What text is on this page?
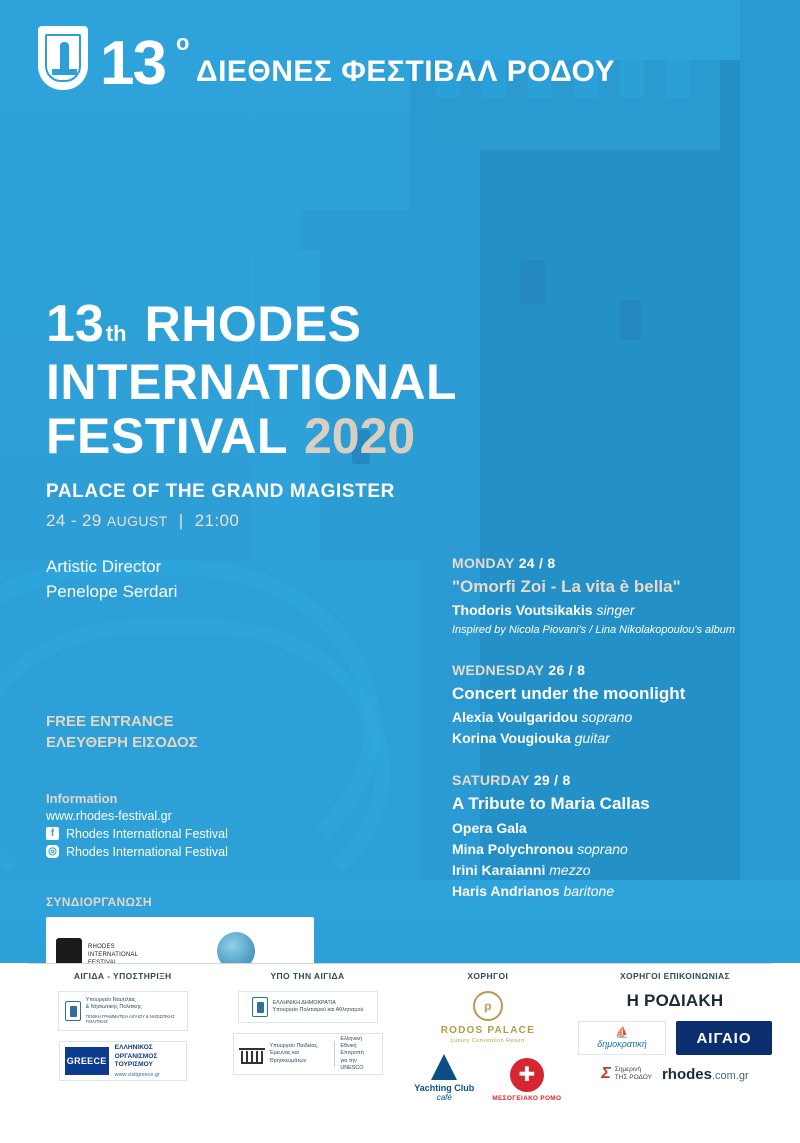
13 o
ΔΙΕΘΝΕΣ ΦΕΣΤΙΒΑΛ ΡΟΔΟΥ
13 th RHODES
INTERNATIONAL
FESTIVAL 2020
PALACE OF THE GRAND MAGISTER
24 - 29 AUGUST | 21:00
Artistic Director
Penelope Serdari
FREE ENTRANCE
ΕΛΕΥΘΕΡΗ ΕΙΣΟΔΟΣ
Information
www.rhodes-festival.gr
f Rhodes International Festival
◎ Rhodes International Festival
ΣΥΝΔΙΟΡΓΑΝΩΣΗ
RHODES
INTERNATIONAL
MONDAY 24 / 8
"Omorfi Zoi - La vita è bella"
Thodoris Voutsikakis singer
Inspired by Nicola Piovani's / Lina Nikolakopoulou's album
WEDNESDAY 26 / 8
Concert under the moonlight
Alexia Voulgaridou soprano
Korina Vougiouka guitar
SATURDAY 29 / 8
A Tribute to Maria Callas
Opera Gala
Mina Polychronou soprano
Irini Karaianni mezzo
Haris Andrianos baritone
ΑΙΓΙΔΑ - ΥΠΟΣΤΗΡΙΞΗ
Υπουργείο Ναυτιλίας
& Νησιωτικής Πολιτικής
ΓΕΝΙΚΗ ΓΡΑΜΜΑΤΕΙΑ ΑΙΓΑΙΟΥ & ΝΗΣΙΩΤΙΚΗΣ ΠΟΛΙΤΙΚΗΣ
GREECE
ΕΛΛΗΝΙΚΟΣ
ΟΡΓΑΝΙΣΜΟΣ
ΤΟΥΡΙΣΜΟΥ
www.visitgreece.gr
ΥΠΟ ΤΗΝ ΑΙΓΙΔΑ
ΕΛΛΗΝΙΚΗ ΔΗΜΟΚΡΑΤΙΑ
Υπουργείο Πολιτισμού και Αθλητισμού
Υπουργείο Παιδείας,
Έρευνας και Θρησκευμάτων
Ελληνική Εθνική
Επιτροπή
για την UNESCO
ΧΟΡΗΓΟΙ
ρ
RODOS PALACE
Luxury Convention Resort
Yachting Club
café
✚
ΜΕΣΟΓΕΙΑΚΟ ΡΟΜΟ
ΧΟΡΗΓΟΙ ΕΠΙΚΟΙΝΩΝΙΑΣ
Η ΡΟΔΙΑΚΗ
⛵
δημοκρατική	ΑΙΓΑΙΟ
Σ Σημερινή
ΤΗΣ ΡΟΔΟΥ rhodes.com.gr
